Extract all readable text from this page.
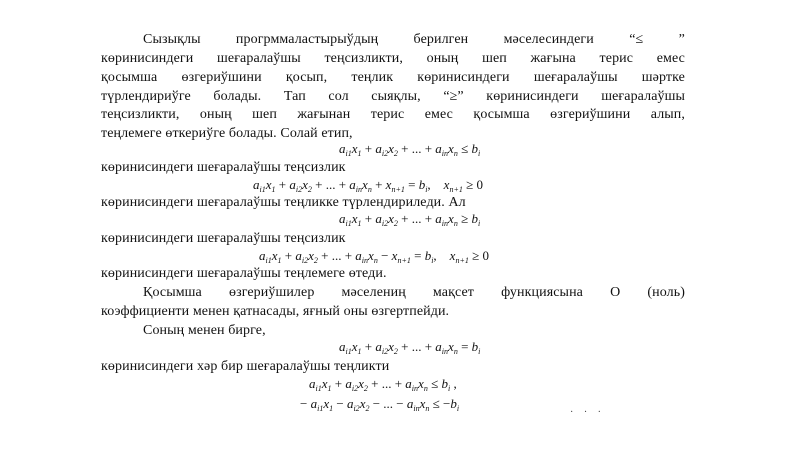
Сызықлы прогрммаластырыўдың берилген мәселесиндеги “≤ ”
көриниcиндеги шеғаралаўшы теңсизликти, оның шеп жағына терис емес
қосымша өзгериўшини қосып, теңлик көриниcиндеги шеғаралаўшы шәртке
түрлендириўге болады. Тап сол сыяқлы, “≥” көриниcиндеги шеғаралаўшы
теңсизликти, оның шеп жағынан терис емес қосымша өзгериўшини алып,
теңлемеге өткериўге болады. Солай етип,
$a_{i1}x_1 + a_{i2}x_2$ + ... + $a_{in}x_n \le b_i$
көриниcиндеги шеғаралаўшы теңсизлик
$a_{i1}x_1 + a_{i2}x_2$ + ... + $a_{in}x_n + x_{n+1} = b_i$,    $x_{n+1} \ge 0$
көриниcиндеги шеғаралаўшы теңликке түрлендириледи. Ал
$a_{i1}x_1 + a_{i2}x_2$ + ... + $a_{in}x_n \ge b_i$
көриниcиндеги шеғаралаўшы теңсизлик
$a_{i1}x_1 + a_{i2}x_2$ + ... + $a_{in}x_n - x_{n+1} = b_i$,    $x_{n+1} \ge 0$
көриниcиндеги шеғаралаўшы теңлемеге өтеди.
Қосымша өзгериўшилер мәселениң мақсет функциясына О (ноль)
коэффициенти менен қатнасады, яғный оны өзгертпейди.
Соның менен бирге,
$a_{i1}x_1 + a_{i2}x_2$ + ... + $a_{in}x_n = b_i$
көриниcиндеги хәр бир шеғаралаўшы теңликти
$a_{i1}x_1 + a_{i2}x_2$ + ... + $a_{in}x_n \le b_i$ ,
− $a_{i1}x_1 - a_{i2}x_2$ − ... − $a_{in}x_n \le -b_i$	· · ·
